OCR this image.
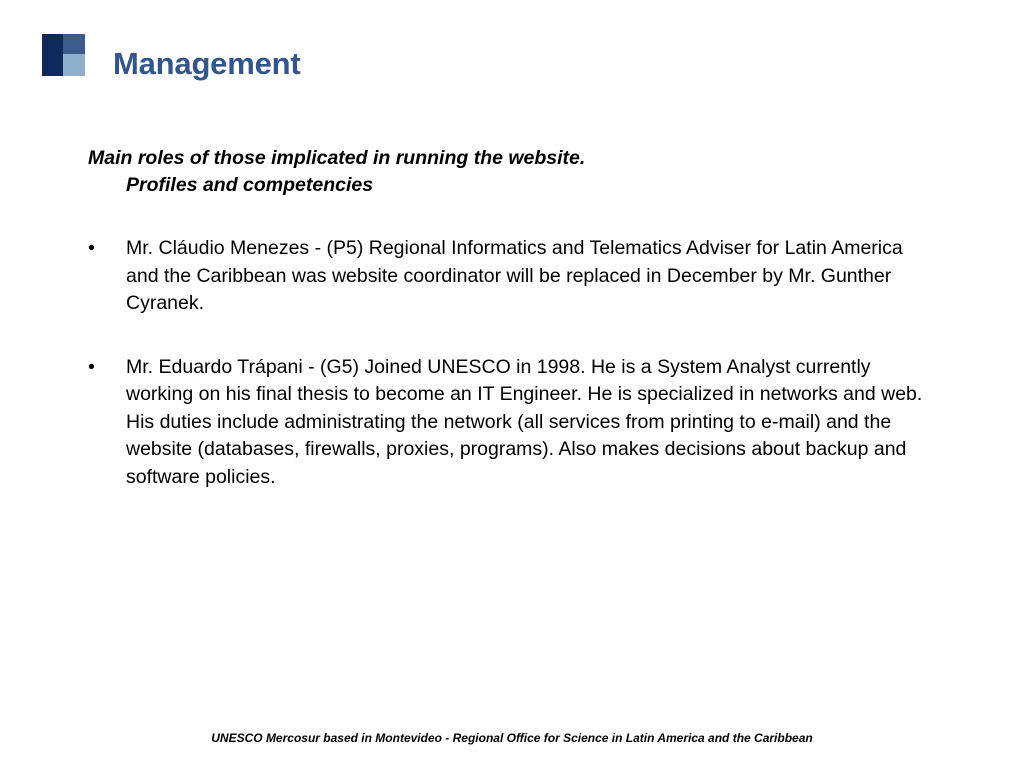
Management
Main roles of those implicated in running the website.
Profiles and competencies
• Mr. Cláudio Menezes - (P5) Regional Informatics and Telematics Adviser for Latin America and the Caribbean was website coordinator will be replaced in December by Mr. Gunther Cyranek.
• Mr. Eduardo Trápani - (G5) Joined UNESCO in 1998. He is a System Analyst currently working on his final thesis to become an IT Engineer. He is specialized in networks and web. His duties include administrating the network (all services from printing to e-mail) and the website (databases, firewalls, proxies, programs). Also makes decisions about backup and software policies.
UNESCO Mercosur based in Montevideo - Regional Office for Science in Latin America and the Caribbean
